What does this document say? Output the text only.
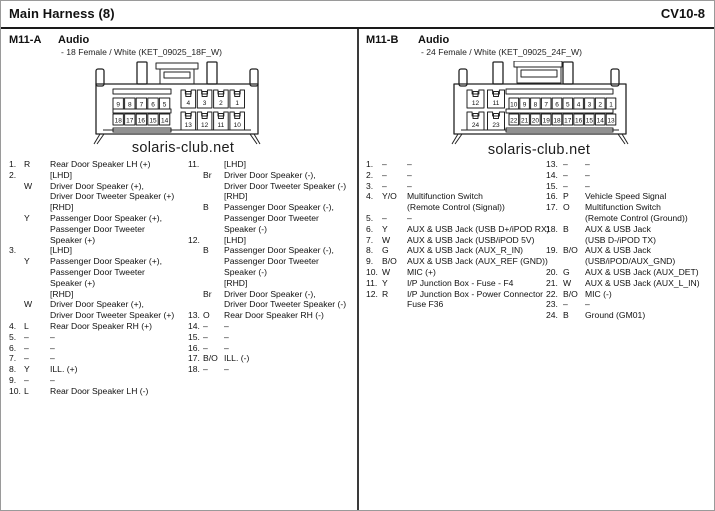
Main Harness (8)	CV10-8
M11-A Audio
- 18 Female / White (KET_09025_18F_W)
9 8 7 6 5	4 3 2 1
18 17 16 15 14
13 12 11 10
solaris-club.net
1. R	Rear Door Speaker LH (+)
2.	[LHD]
W	Driver Door Speaker (+),
Driver Door Tweeter Speaker (+)
[RHD]
Y	Passenger Door Speaker (+),
Passenger Door Tweeter
Speaker (+)
3.	[LHD]
Y	Passenger Door Speaker (+),
Passenger Door Tweeter
Speaker (+)
[RHD]
W	Driver Door Speaker (+),
Driver Door Tweeter Speaker (+)
4. L	Rear Door Speaker RH (+)
5. –	–
6. –	–
7. –	–
8. Y	ILL. (+)
9. –	–
10. L	Rear Door Speaker LH (-)
11.	[LHD]
Br	Driver Door Speaker (-),
Driver Door Tweeter Speaker (-)
[RHD]
B	Passenger Door Speaker (-),
Passenger Door Tweeter
Speaker (-)
12.	[LHD]
B	Passenger Door Speaker (-),
Passenger Door Tweeter
Speaker (-)
[RHD]
Br	Driver Door Speaker (-),
Driver Door Tweeter Speaker (-)
13. O	Rear Door Speaker RH (-)
14. –	–
15. –	–
16. –	–
17. B/O ILL. (-)
18. –	–
M11-B Audio
- 24 Female / White (KET_09025_24F_W)
12 11 10 9 8 7 6 5 4 3 2 1
24 23
22 21 20 19 18 17 16 15 14 13
solaris-club.net
1.	–	–
2.	–	–
3.	–	–
4.	Y/O	Multifunction Switch
(Remote Control (Signal))
5.	–	–
6.	Y	AUX & USB Jack (USB D+/iPOD RX)
7.	W	AUX & USB Jack (USB/iPOD 5V)
8.	G	AUX & USB Jack (AUX_R_IN)
9.	B/O	AUX & USB Jack (AUX_REF (GND))
10. W	MIC (+)
11. Y	I/P Junction Box - Fuse - F4
12. R	I/P Junction Box - Power Connector
Fuse F36
13. –	–
14. –	–
15. –	–
16. P	Vehicle Speed Signal
17. O	Multifunction Switch
(Remote Control (Ground))
18. B	AUX & USB Jack
(USB D-/iPOD TX)
19. B/O AUX & USB Jack
(USB/iPOD/AUX_GND)
20. G	AUX & USB Jack (AUX_DET)
21. W	AUX & USB Jack (AUX_L_IN)
22. B/O MIC (-)
23. –	–
24. B	Ground (GM01)
